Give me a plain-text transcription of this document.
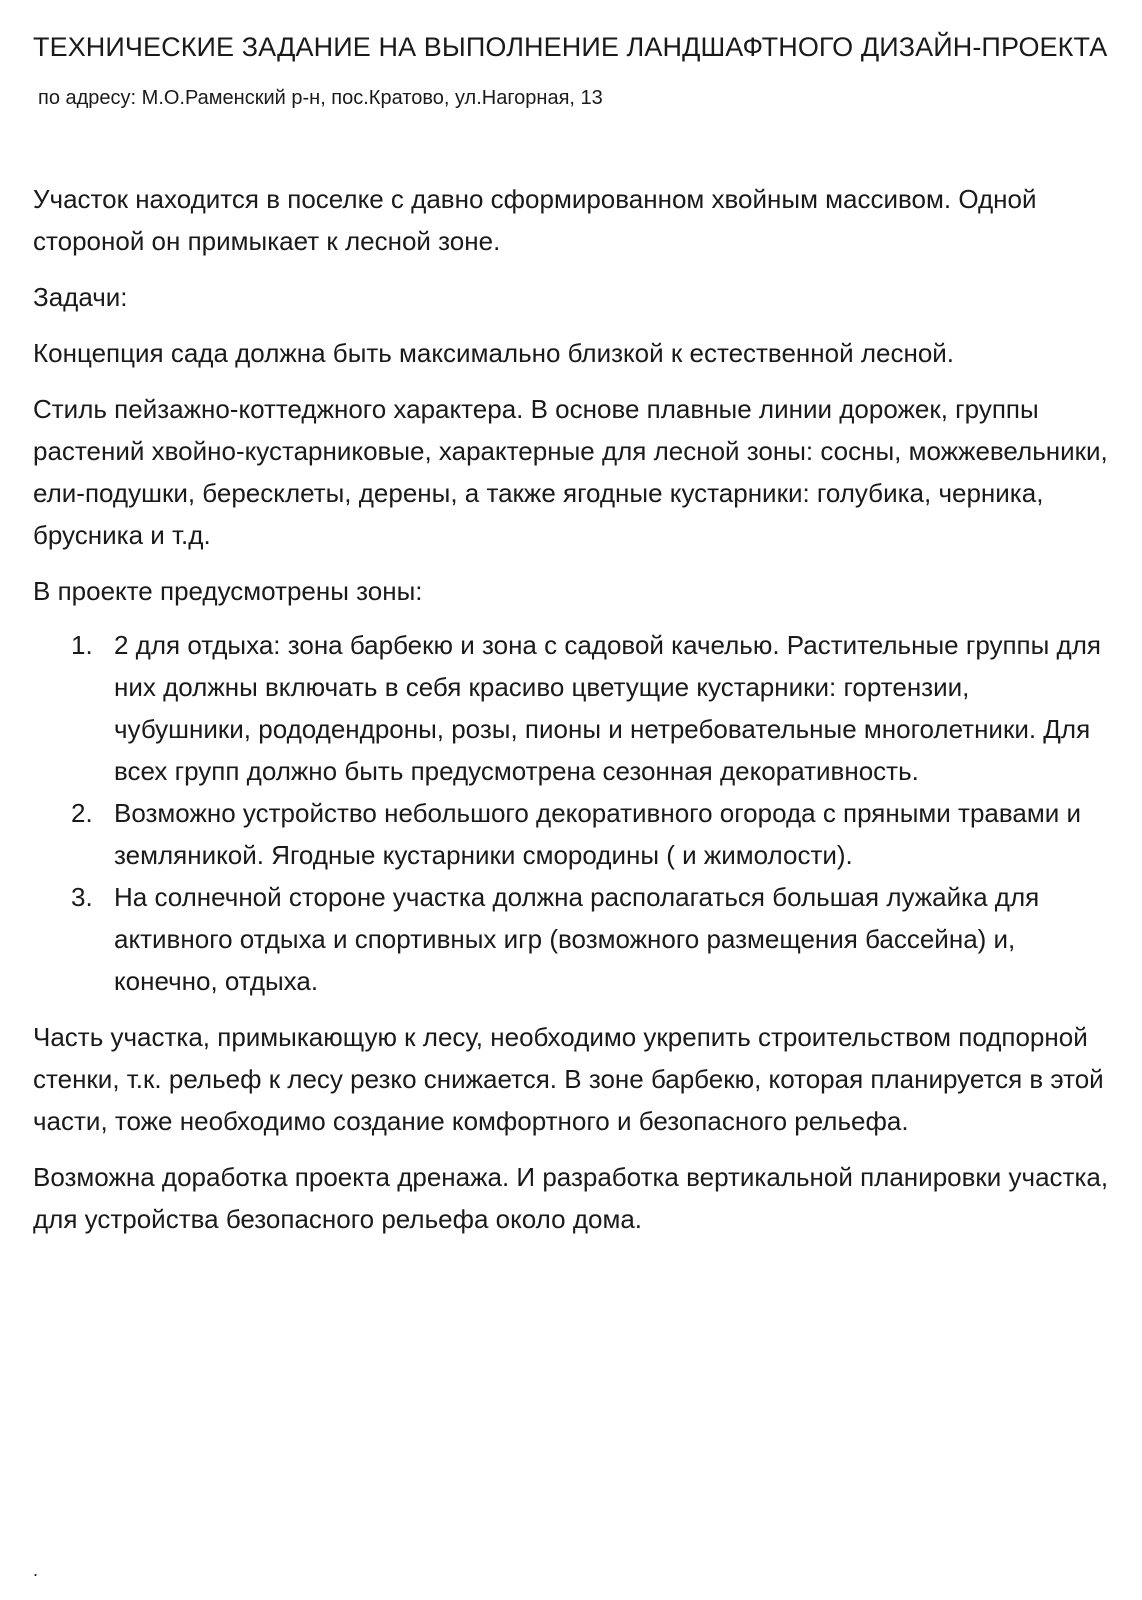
ТЕХНИЧЕСКИЕ ЗАДАНИЕ НА ВЫПОЛНЕНИЕ ЛАНДШАФТНОГО ДИЗАЙН-ПРОЕКТА

по адресу: М.О.Раменский р-н, пос.Кратово, ул.Нагорная, 13

Участок находится в поселке с давно сформированном хвойным массивом. Одной стороной он примыкает к лесной зоне.

Задачи:

Концепция сада должна быть максимально близкой к естественной лесной.

Стиль пейзажно-коттеджного характера. В основе плавные линии дорожек, группы растений хвойно-кустарниковые, характерные для лесной зоны: сосны, можжевельники, ели-подушки, бересклеты, дерены, а также ягодные кустарники: голубика, черника, брусника и т.д.

В проекте предусмотрены зоны:

1. 2 для отдыха: зона барбекю и зона с садовой качелью. Растительные группы для них должны включать в себя красиво цветущие кустарники: гортензии, чубушники, рододендроны, розы, пионы и нетребовательные многолетники. Для всех групп должно быть предусмотрена сезонная декоративность.
2. Возможно устройство небольшого декоративного огорода с пряными травами и земляникой. Ягодные кустарники смородины ( и жимолости).
3. На солнечной стороне участка должна располагаться большая лужайка для активного отдыха и спортивных игр (возможного размещения бассейна) и, конечно, отдыха.

Часть участка, примыкающую к лесу, необходимо укрепить строительством подпорной стенки, т.к. рельеф к лесу резко снижается. В зоне барбекю, которая планируется в этой части, тоже необходимо создание комфортного и безопасного рельефа.

Возможна доработка проекта дренажа. И разработка вертикальной планировки участка, для устройства безопасного рельефа около дома.

.
